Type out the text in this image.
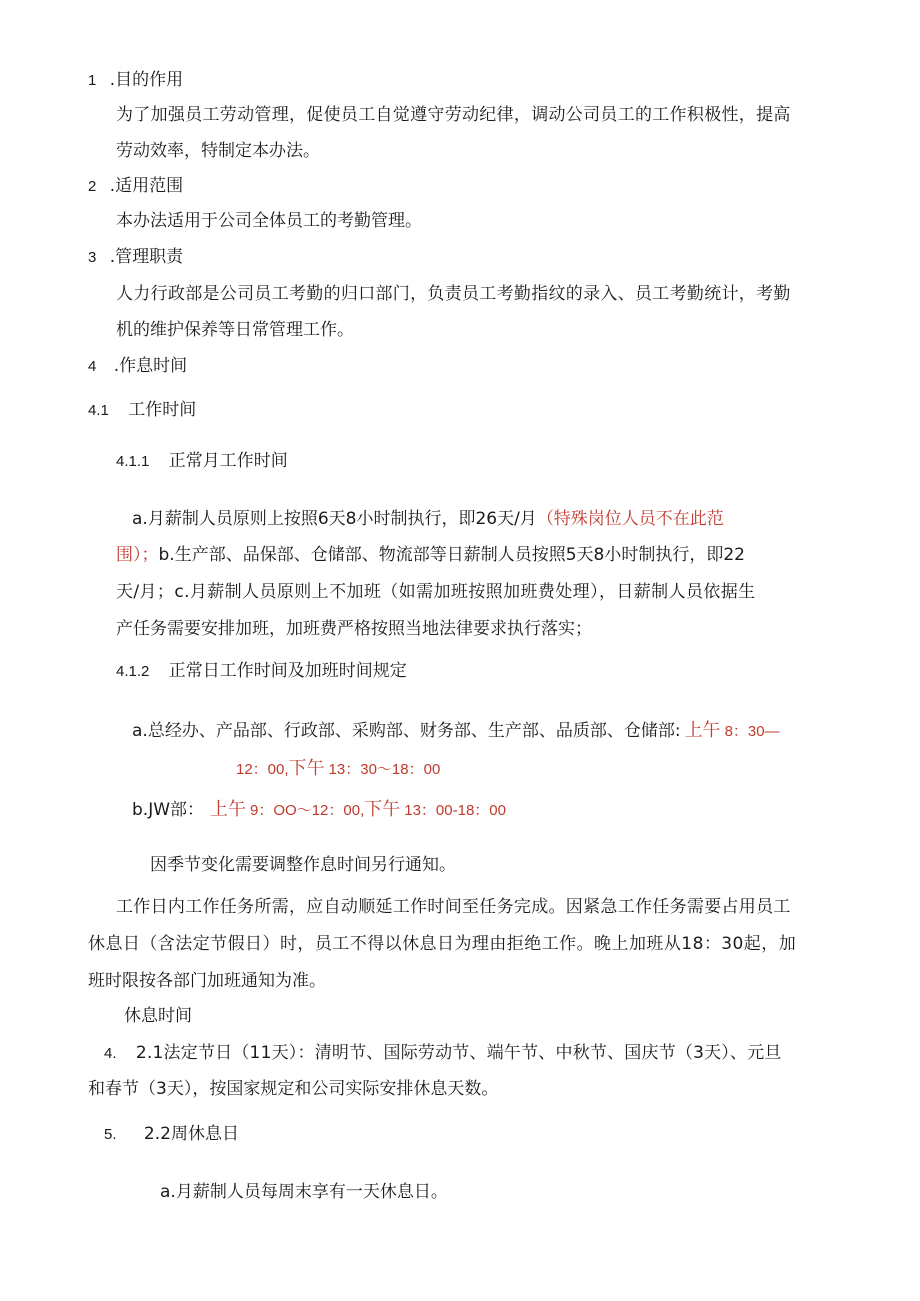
1 .目的作用
为了加强员工劳动管理，促使员工自觉遵守劳动纪律，调动公司员工的工作积极性，提高
劳动效率，特制定本办法。
2 .适用范围
本办法适用于公司全体员工的考勤管理。
3 .管理职责
人力行政部是公司员工考勤的归口部门，负责员工考勤指纹的录入、员工考勤统计，考勤
机的维护保养等日常管理工作。
4 .作息时间
4.1 工作时间
4.1.1 正常月工作时间
a.月薪制人员原则上按照6天8小时制执行，即26天/月（特殊岗位人员不在此范
围）；b.生产部、品保部、仓储部、物流部等日薪制人员按照5天8小时制执行，即22
天/月；c.月薪制人员原则上不加班（如需加班按照加班费处理），日薪制人员依据生
产任务需要安排加班，加班费严格按照当地法律要求执行落实；
4.1.2 正常日工作时间及加班时间规定
a.总经办、产品部、行政部、采购部、财务部、生产部、品质部、仓储部: 上午 8：30—
12：00,下午 13：30～18：00
b.JW部： 上午 9：OO～12：00,下午 13：00-18：00
因季节变化需要调整作息时间另行通知。
工作日内工作任务所需，应自动顺延工作时间至任务完成。因紧急工作任务需要占用员工
休息日（含法定节假日）时，员工不得以休息日为理由拒绝工作。晚上加班从18：30起，加
班时限按各部门加班通知为准。
休息时间
4. 2.1法定节日（11天）：清明节、国际劳动节、端午节、中秋节、国庆节（3天）、元旦
和春节（3天），按国家规定和公司实际安排休息天数。
5. 2.2周休息日
a.月薪制人员每周末享有一天休息日。
